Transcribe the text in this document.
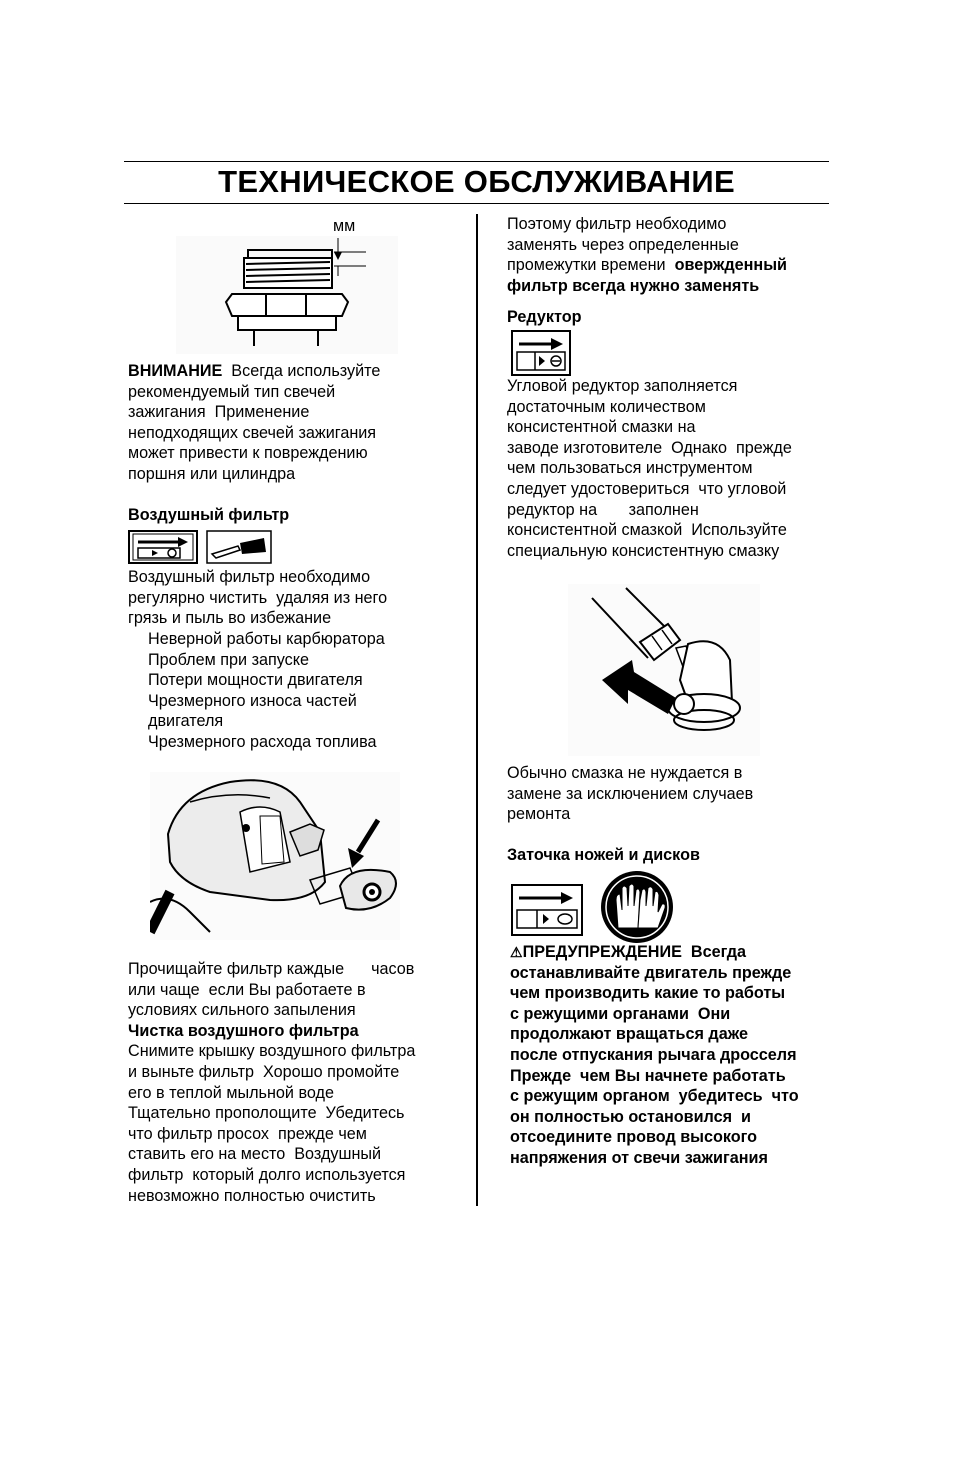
ТЕХНИЧЕСКОЕ ОБСЛУЖИВАНИЕ
мм
ВНИМАНИЕ  Всегда используйте
рекомендуемый тип свечей
зажигания  Применение
неподходящих свечей зажигания
может привести к повреждению
поршня или цилиндра
Воздушный фильтр
Воздушный фильтр необходимо
регулярно чистить  удаляя из него
грязь и пыль во избежание
Неверной работы карбюратора
Проблем при запуске
Потери мощности двигателя
Чрезмерного износа частей
двигателя
Чрезмерного расхода топлива
Прочищайте фильтр каждые      часов
или чаще  если Вы работаете в
условиях сильного запыления
Чистка воздушного фильтра
Снимите крышку воздушного фильтра
и выньте фильтр  Хорошо промойте
его в теплой мыльной воде
Тщательно прополощите  Убедитесь
что фильтр просох  прежде чем
ставить его на место  Воздушный
фильтр  который долго используется
невозможно полностью очистить
Поэтому фильтр необходимо
заменять через определенные
промежутки времени  овержденный
фильтр всегда нужно заменять
Редуктор
Угловой редуктор заполняется
достаточным количеством
консистентной смазки на
заводе изготовителе  Однако  прежде
чем пользоваться инструментом
следует удостовериться  что угловой
редуктор на       заполнен
консистентной смазкой  Используйте
специальную консистентную смазку
Обычно смазка не нуждается в
замене за исключением случаев
ремонта
Заточка ножей и дисков
⚠ПРЕДУПРЕЖДЕНИЕ  Всегда
останавливайте двигатель прежде
чем производить какие то работы
с режущими органами  Они
продолжают вращаться даже
после отпускания рычага дросселя
Прежде  чем Вы начнете работать
с режущим органом  убедитесь  что
он полностью остановился  и
отсоедините провод высокого
напряжения от свечи зажигания
